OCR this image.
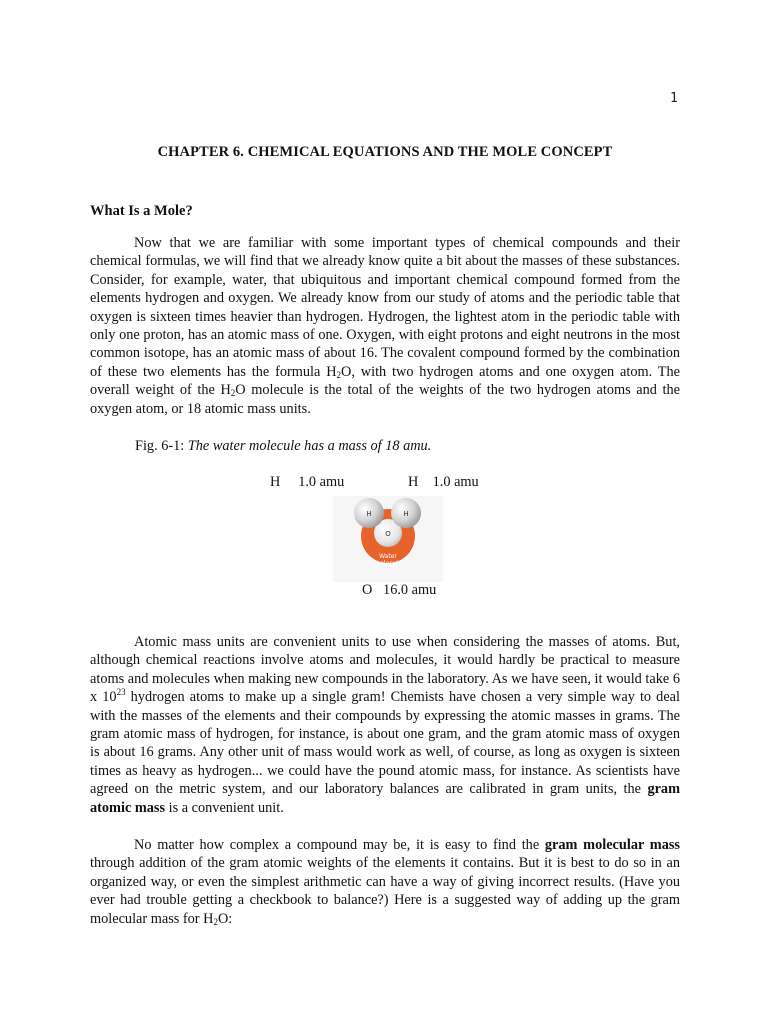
1
CHAPTER 6. CHEMICAL EQUATIONS AND THE MOLE CONCEPT
What Is a Mole?

Now that we are familiar with some important types of chemical compounds and their chemical formulas, we will find that we already know quite a bit about the masses of these substances. Consider, for example, water, that ubiquitous and important chemical compound formed from the elements hydrogen and oxygen. We already know from our study of atoms and the periodic table that oxygen is sixteen times heavier than hydrogen. Hydrogen, the lightest atom in the periodic table with only one proton, has an atomic mass of one. Oxygen, with eight protons and eight neutrons in the most common isotope, has an atomic mass of about 16. The covalent compound formed by the combination of these two elements has the formula $H_2O$, with two hydrogen atoms and one oxygen atom. The overall weight of the $H_2O$ molecule is the total of the weights of the two hydrogen atoms and the oxygen atom, or 18 atomic mass units.

Fig. 6-1: The water molecule has a mass of 18 amu.
H     1.0 amu	H    1.0 amu
H	H
O
Water
molecule
O   16.0 amu

Atomic mass units are convenient units to use when considering the masses of atoms. But, although chemical reactions involve atoms and molecules, it would hardly be practical to measure atoms and molecules when making new compounds in the laboratory. As we have seen, it would take 6 x $10^{23}$ hydrogen atoms to make up a single gram! Chemists have chosen a very simple way to deal with the masses of the elements and their compounds by expressing the atomic masses in grams. The gram atomic mass of hydrogen, for instance, is about one gram, and the gram atomic mass of oxygen is about 16 grams. Any other unit of mass would work as well, of course, as long as oxygen is sixteen times as heavy as hydrogen... we could have the pound atomic mass, for instance. As scientists have agreed on the metric system, and our laboratory balances are calibrated in gram units, the gram atomic mass is a convenient unit.

No matter how complex a compound may be, it is easy to find the gram molecular mass through addition of the gram atomic weights of the elements it contains. But it is best to do so in an organized way, or even the simplest arithmetic can have a way of giving incorrect results. (Have you ever had trouble getting a checkbook to balance?) Here is a suggested way of adding up the gram molecular mass for $H_2O$:
